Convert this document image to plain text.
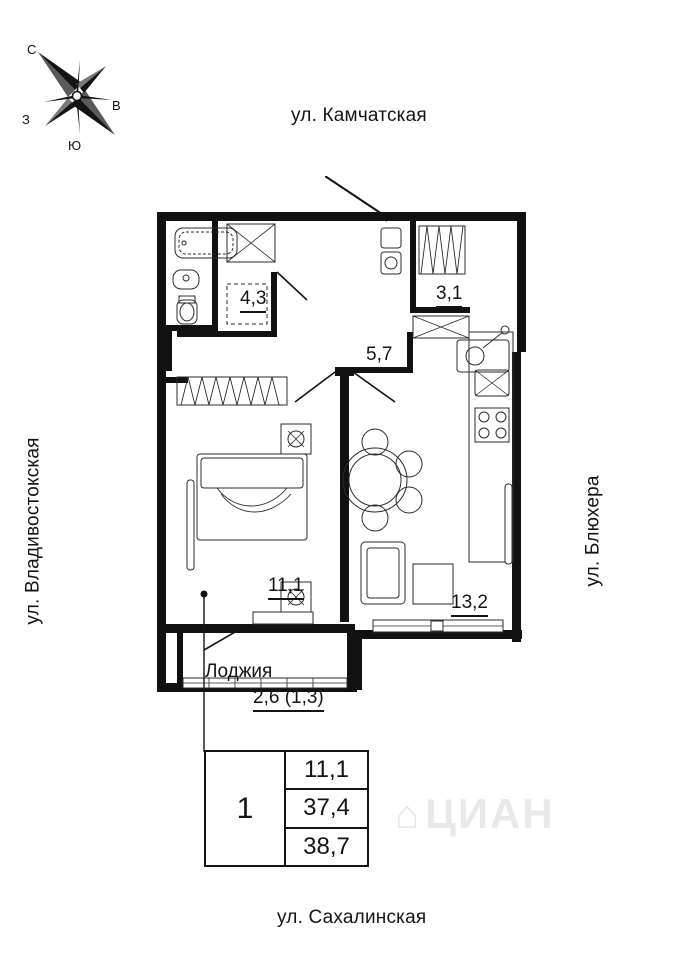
С
В
Ю
З	ул. Камчатская
ул. Сахалинская
ул. Владивостокская	ул. Блюхера
4,3	3,1
5,7
11,1
13,2
Лоджия
2,6 (1,3)
1
11,1
37,4
38,7
⌂ЦИАН
